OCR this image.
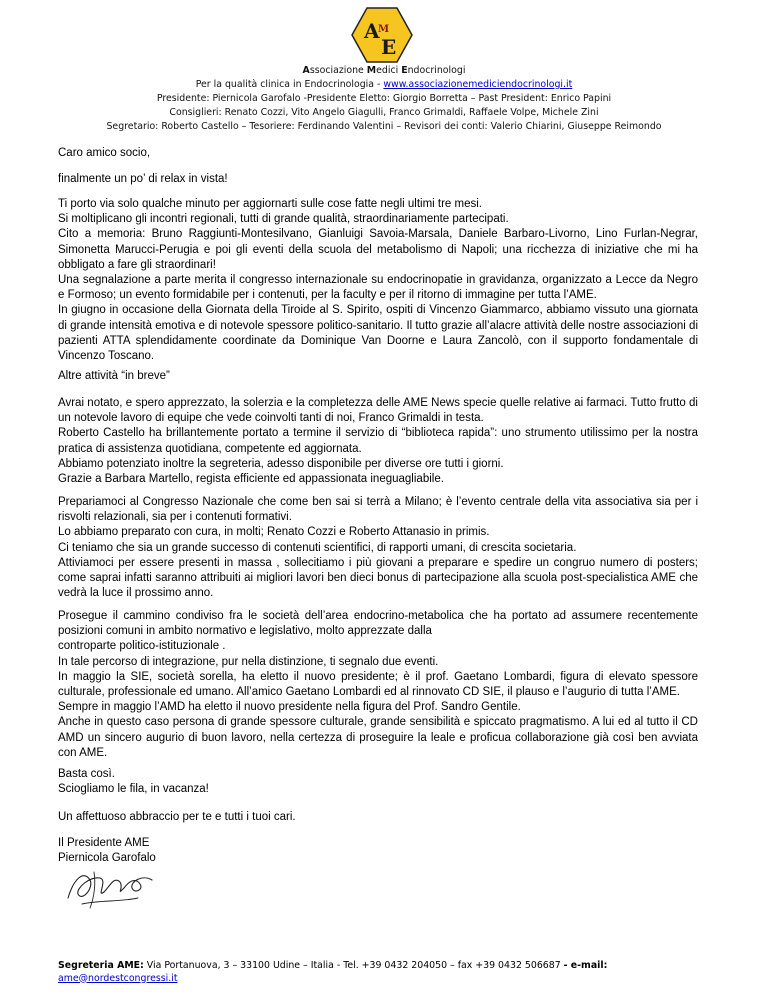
A
M
E
Associazione Medici Endocrinologi
Per la qualità clinica in Endocrinologia - www.associazionemediciendocrinologi.it
Presidente: Piernicola Garofalo -Presidente Eletto: Giorgio Borretta – Past President: Enrico Papini
Consiglieri: Renato Cozzi, Vito Angelo Giagulli, Franco Grimaldi, Raffaele Volpe, Michele Zini
Segretario: Roberto Castello – Tesoriere: Ferdinando Valentini – Revisori dei conti: Valerio Chiarini, Giuseppe Reimondo

Caro amico socio,

finalmente un po’ di relax in vista!

Ti porto via solo qualche minuto per aggiornarti sulle cose fatte negli ultimi tre mesi.
Si moltiplicano gli incontri regionali, tutti di grande qualità, straordinariamente partecipati.
Cito a memoria: Bruno Raggiunti-Montesilvano, Gianluigi Savoia-Marsala, Daniele Barbaro-Livorno, Lino Furlan-Negrar, Simonetta Marucci-Perugia e poi gli eventi della scuola del metabolismo di Napoli; una ricchezza di iniziative che mi ha obbligato a fare gli straordinari!
Una segnalazione a parte merita il congresso internazionale su endocrinopatie in gravidanza, organizzato a Lecce da Negro e Formoso; un evento formidabile per i contenuti, per la faculty e per il ritorno di immagine per tutta l’AME.
In giugno in occasione della Giornata della Tiroide al S. Spirito, ospiti di Vincenzo Giammarco, abbiamo vissuto una giornata di grande intensità emotiva e di notevole spessore politico-sanitario. Il tutto grazie all’alacre attività delle nostre associazioni di pazienti ATTA splendidamente coordinate da Dominique Van Doorne e Laura Zancolò, con il supporto fondamentale di Vincenzo Toscano.

Altre attività “in breve”

Avrai notato, e spero apprezzato, la solerzia e la completezza delle AME News specie quelle relative ai farmaci. Tutto frutto di un notevole lavoro di equipe che vede coinvolti tanti di noi, Franco Grimaldi in testa.
Roberto Castello ha brillantemente portato a termine il servizio di “biblioteca rapida”: uno strumento utilissimo per la nostra pratica di assistenza quotidiana, competente ed aggiornata.
Abbiamo potenziato inoltre la segreteria, adesso disponibile per diverse ore tutti i giorni.
Grazie a Barbara Martello, regista efficiente ed appassionata ineguagliabile.

Prepariamoci al Congresso Nazionale che come ben sai si terrà a Milano; è l’evento centrale della vita associativa sia per i risvolti relazionali, sia per i contenuti formativi.
Lo abbiamo preparato con cura, in molti; Renato Cozzi e Roberto Attanasio in primis.
Ci teniamo che sia un grande successo di contenuti scientifici, di rapporti umani, di crescita societaria.
Attiviamoci per essere presenti in massa , sollecitiamo i più giovani a preparare e spedire un congruo numero di posters; come saprai infatti saranno attribuiti ai migliori lavori ben dieci bonus di partecipazione alla scuola post-specialistica AME che vedrà la luce il prossimo anno.

Prosegue il cammino condiviso fra le società dell’area endocrino-metabolica che ha portato ad assumere recentemente posizioni comuni in ambito normativo e legislativo, molto apprezzate dalla
controparte politico-istituzionale .
In tale percorso di integrazione, pur nella distinzione, ti segnalo due eventi.
In maggio la SIE, società sorella, ha eletto il nuovo presidente; è il prof. Gaetano Lombardi, figura di elevato spessore culturale, professionale ed umano. All’amico Gaetano Lombardi ed al rinnovato CD SIE, il plauso e l’augurio di tutta l’AME.
Sempre in maggio l’AMD ha eletto il nuovo presidente nella figura del Prof. Sandro Gentile.
Anche in questo caso persona di grande spessore culturale, grande sensibilità e spiccato pragmatismo. A lui ed al tutto il CD AMD un sincero augurio di buon lavoro, nella certezza di proseguire la leale e proficua collaborazione già così ben avviata con AME.

Basta così.
Sciogliamo le fila, in vacanza!

Un affettuoso abbraccio per te e tutti i tuoi cari.

Il Presidente AME

Piernicola Garofalo

Segreteria AME: Via Portanuova, 3 – 33100 Udine – Italia - Tel. +39 0432 204050 – fax +39 0432 506687 - e-mail:
ame@nordestcongressi.it
